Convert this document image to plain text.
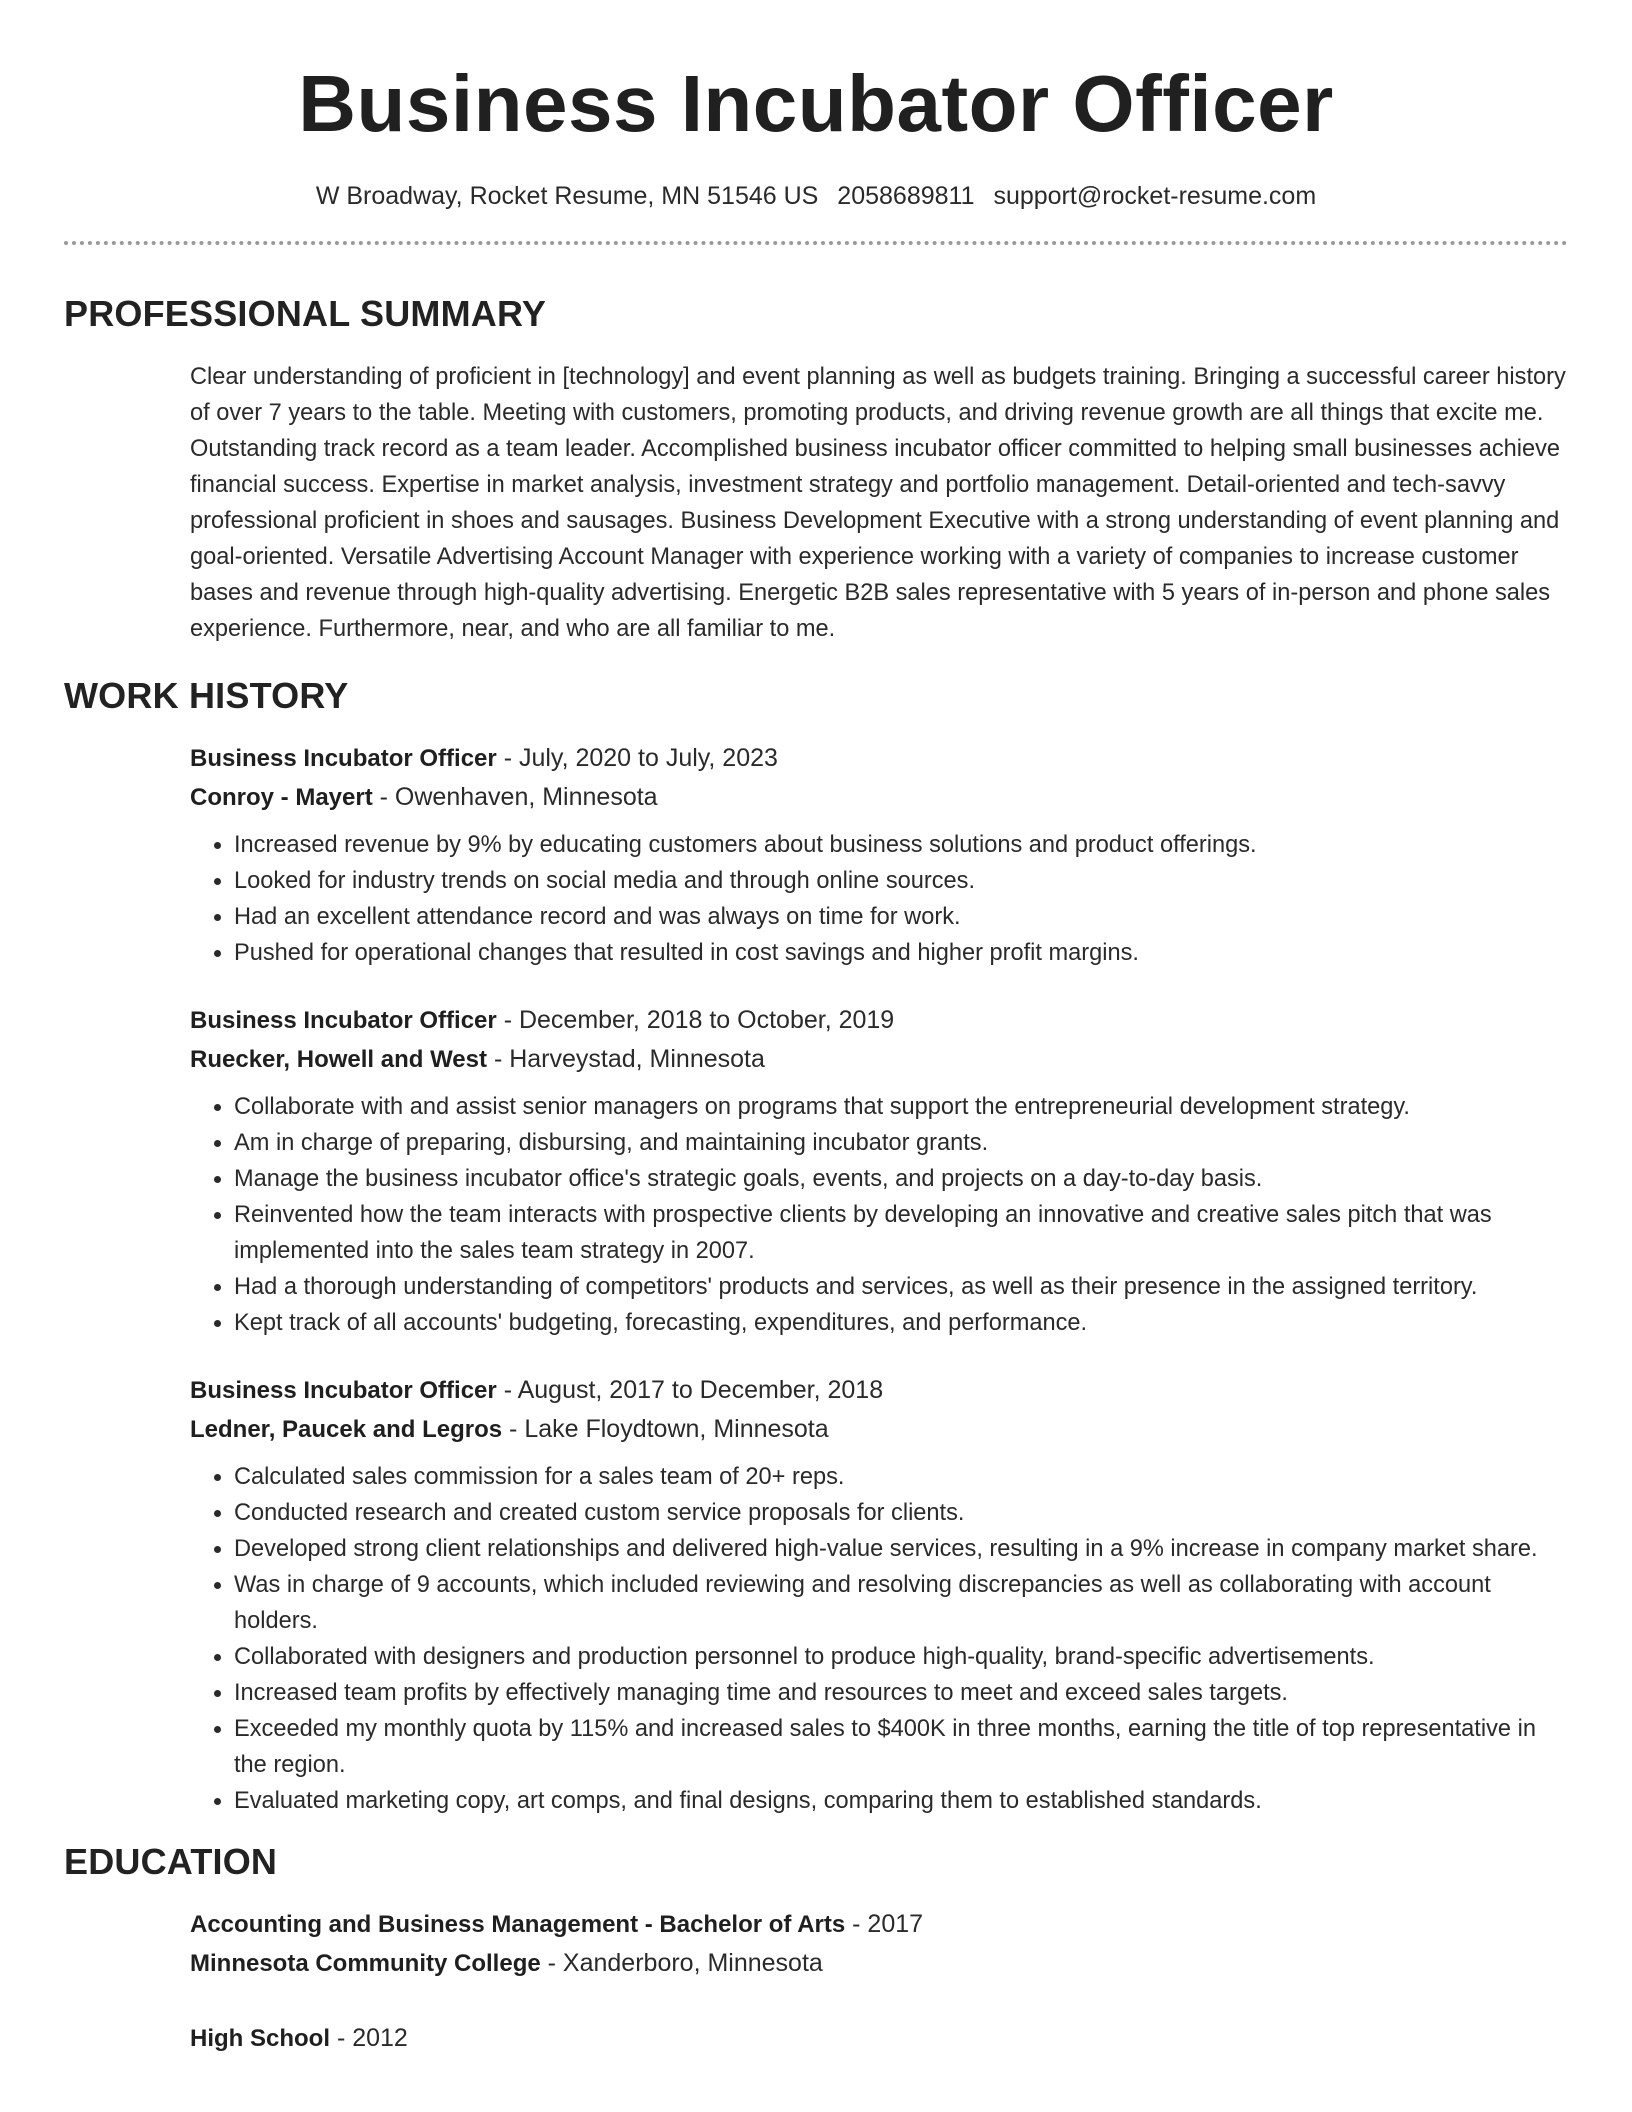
Business Incubator Officer
W Broadway, Rocket Resume, MN 51546 US 2058689811 support@rocket-resume.com
PROFESSIONAL SUMMARY

Clear understanding of proficient in [technology] and event planning as well as budgets training. Bringing a successful career history of over 7 years to the table. Meeting with customers, promoting products, and driving revenue growth are all things that excite me. Outstanding track record as a team leader. Accomplished business incubator officer committed to helping small businesses achieve financial success. Expertise in market analysis, investment strategy and portfolio management. Detail-oriented and tech-savvy professional proficient in shoes and sausages. Business Development Executive with a strong understanding of event planning and goal-oriented. Versatile Advertising Account Manager with experience working with a variety of companies to increase customer bases and revenue through high-quality advertising. Energetic B2B sales representative with 5 years of in-person and phone sales experience. Furthermore, near, and who are all familiar to me.

WORK HISTORY
Business Incubator Officer - July, 2020 to July, 2023
Conroy - Mayert - Owenhaven, Minnesota
• Increased revenue by 9% by educating customers about business solutions and product offerings.
• Looked for industry trends on social media and through online sources.
• Had an excellent attendance record and was always on time for work.
• Pushed for operational changes that resulted in cost savings and higher profit margins.
Business Incubator Officer - December, 2018 to October, 2019
Ruecker, Howell and West - Harveystad, Minnesota
• Collaborate with and assist senior managers on programs that support the entrepreneurial development strategy.
• Am in charge of preparing, disbursing, and maintaining incubator grants.
• Manage the business incubator office's strategic goals, events, and projects on a day-to-day basis.
• Reinvented how the team interacts with prospective clients by developing an innovative and creative sales pitch that was implemented into the sales team strategy in 2007.
• Had a thorough understanding of competitors' products and services, as well as their presence in the assigned territory.
• Kept track of all accounts' budgeting, forecasting, expenditures, and performance.
Business Incubator Officer - August, 2017 to December, 2018
Ledner, Paucek and Legros - Lake Floydtown, Minnesota
• Calculated sales commission for a sales team of 20+ reps.
• Conducted research and created custom service proposals for clients.
• Developed strong client relationships and delivered high-value services, resulting in a 9% increase in company market share.
• Was in charge of 9 accounts, which included reviewing and resolving discrepancies as well as collaborating with account holders.
• Collaborated with designers and production personnel to produce high-quality, brand-specific advertisements.
• Increased team profits by effectively managing time and resources to meet and exceed sales targets.
• Exceeded my monthly quota by 115% and increased sales to $400K in three months, earning the title of top representative in the region.
• Evaluated marketing copy, art comps, and final designs, comparing them to established standards.
EDUCATION
Accounting and Business Management - Bachelor of Arts - 2017
Minnesota Community College - Xanderboro, Minnesota
High School - 2012
